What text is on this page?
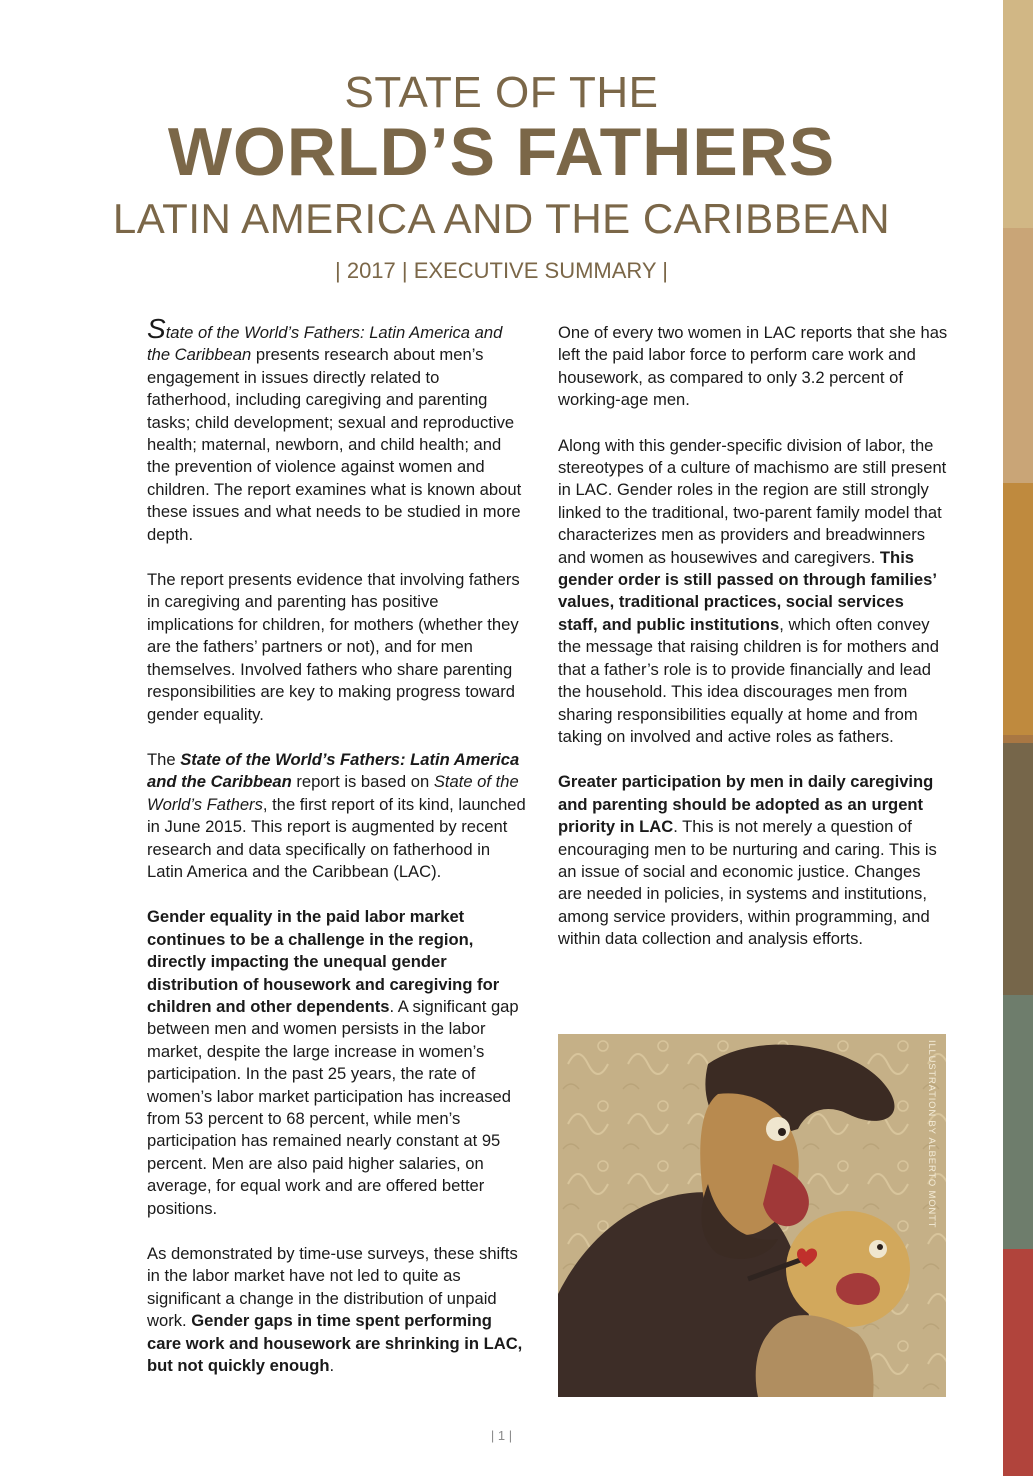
STATE OF THE
WORLD’S FATHERS
LATIN AMERICA AND THE CARIBBEAN
| 2017 | EXECUTIVE SUMMARY |

State of the World’s Fathers: Latin America and the Caribbean presents research about men’s engagement in issues directly related to fatherhood, including caregiving and parenting tasks; child development; sexual and reproductive health; maternal, newborn, and child health; and the prevention of violence against women and children. The report examines what is known about these issues and what needs to be studied in more depth.

The report presents evidence that involving fathers in caregiving and parenting has positive implications for children, for mothers (whether they are the fathers’ partners or not), and for men themselves. Involved fathers who share parenting responsibilities are key to making progress toward gender equality.

The State of the World’s Fathers: Latin America and the Caribbean report is based on State of the World’s Fathers, the first report of its kind, launched in June 2015. This report is augmented by recent research and data specifically on fatherhood in Latin America and the Caribbean (LAC).

Gender equality in the paid labor market continues to be a challenge in the region, directly impacting the unequal gender distribution of housework and caregiving for children and other dependents. A significant gap between men and women persists in the labor market, despite the large increase in women’s participation. In the past 25 years, the rate of women’s labor market participation has increased from 53 percent to 68 percent, while men’s participation has remained nearly constant at 95 percent. Men are also paid higher salaries, on average, for equal work and are offered better positions.

As demonstrated by time-use surveys, these shifts in the labor market have not led to quite as significant a change in the distribution of unpaid work. Gender gaps in time spent performing care work and housework are shrinking in LAC, but not quickly enough.

One of every two women in LAC reports that she has left the paid labor force to perform care work and housework, as compared to only 3.2 percent of working-age men.

Along with this gender-specific division of labor, the stereotypes of a culture of machismo are still present in LAC. Gender roles in the region are still strongly linked to the traditional, two-parent family model that characterizes men as providers and breadwinners and women as housewives and caregivers. This gender order is still passed on through families’ values, traditional practices, social services staff, and public institutions, which often convey the message that raising children is for mothers and that a father’s role is to provide financially and lead the household. This idea discourages men from sharing responsibilities equally at home and from taking on involved and active roles as fathers.

Greater participation by men in daily caregiving and parenting should be adopted as an urgent priority in LAC. This is not merely a question of encouraging men to be nurturing and caring. This is an issue of social and economic justice. Changes are needed in policies, in systems and institutions, among service providers, within programming, and within data collection and analysis efforts.

ILLUSTRATION BY ALBERTO MONTT
| 1 |
